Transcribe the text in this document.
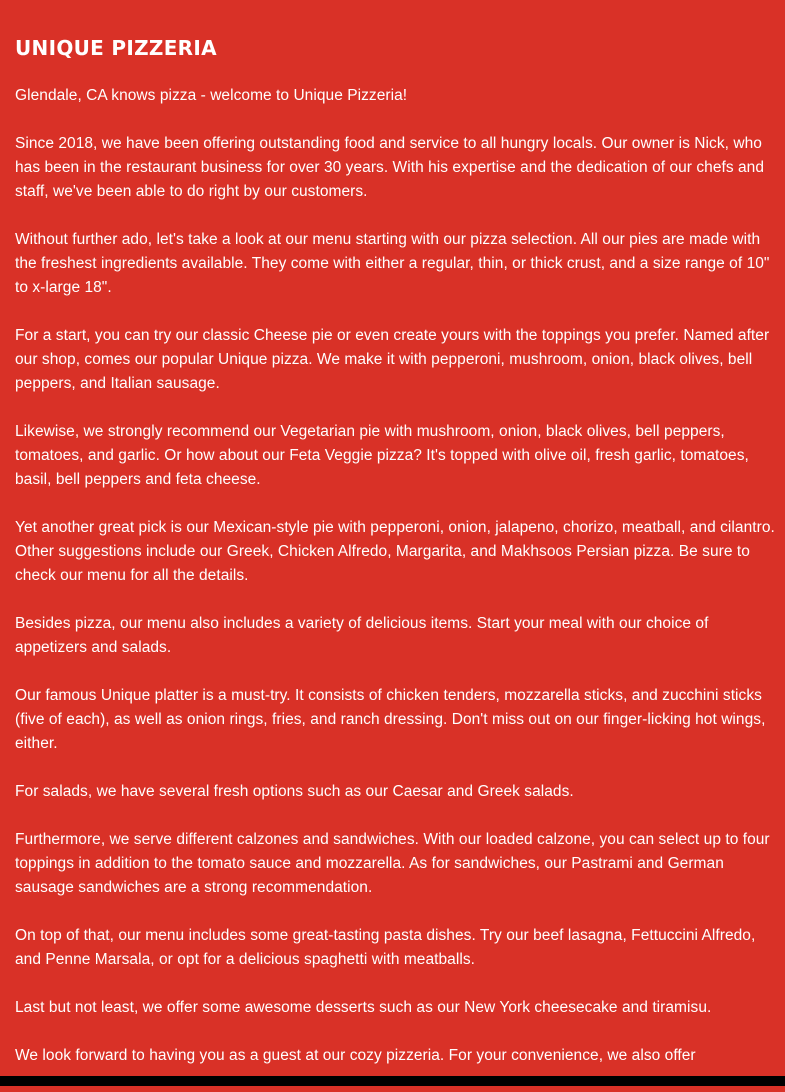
UNIQUE PIZZERIA

Glendale, CA knows pizza - welcome to Unique Pizzeria!

Since 2018, we have been offering outstanding food and service to all hungry locals. Our owner is Nick, who has been in the restaurant business for over 30 years. With his expertise and the dedication of our chefs and staff, we've been able to do right by our customers.

Without further ado, let's take a look at our menu starting with our pizza selection. All our pies are made with the freshest ingredients available. They come with either a regular, thin, or thick crust, and a size range of 10" to x-large 18".

For a start, you can try our classic Cheese pie or even create yours with the toppings you prefer. Named after our shop, comes our popular Unique pizza. We make it with pepperoni, mushroom, onion, black olives, bell peppers, and Italian sausage.

Likewise, we strongly recommend our Vegetarian pie with mushroom, onion, black olives, bell peppers, tomatoes, and garlic. Or how about our Feta Veggie pizza? It's topped with olive oil, fresh garlic, tomatoes, basil, bell peppers and feta cheese.

Yet another great pick is our Mexican-style pie with pepperoni, onion, jalapeno, chorizo, meatball, and cilantro. Other suggestions include our Greek, Chicken Alfredo, Margarita, and Makhsoos Persian pizza. Be sure to check our menu for all the details.

Besides pizza, our menu also includes a variety of delicious items. Start your meal with our choice of appetizers and salads.

Our famous Unique platter is a must-try. It consists of chicken tenders, mozzarella sticks, and zucchini sticks (five of each), as well as onion rings, fries, and ranch dressing. Don't miss out on our finger-licking hot wings, either.

For salads, we have several fresh options such as our Caesar and Greek salads.

Furthermore, we serve different calzones and sandwiches. With our loaded calzone, you can select up to four toppings in addition to the tomato sauce and mozzarella. As for sandwiches, our Pastrami and German sausage sandwiches are a strong recommendation.

On top of that, our menu includes some great-tasting pasta dishes. Try our beef lasagna, Fettuccini Alfredo, and Penne Marsala, or opt for a delicious spaghetti with meatballs.

Last but not least, we offer some awesome desserts such as our New York cheesecake and tiramisu.

We look forward to having you as a guest at our cozy pizzeria. For your convenience, we also offer
